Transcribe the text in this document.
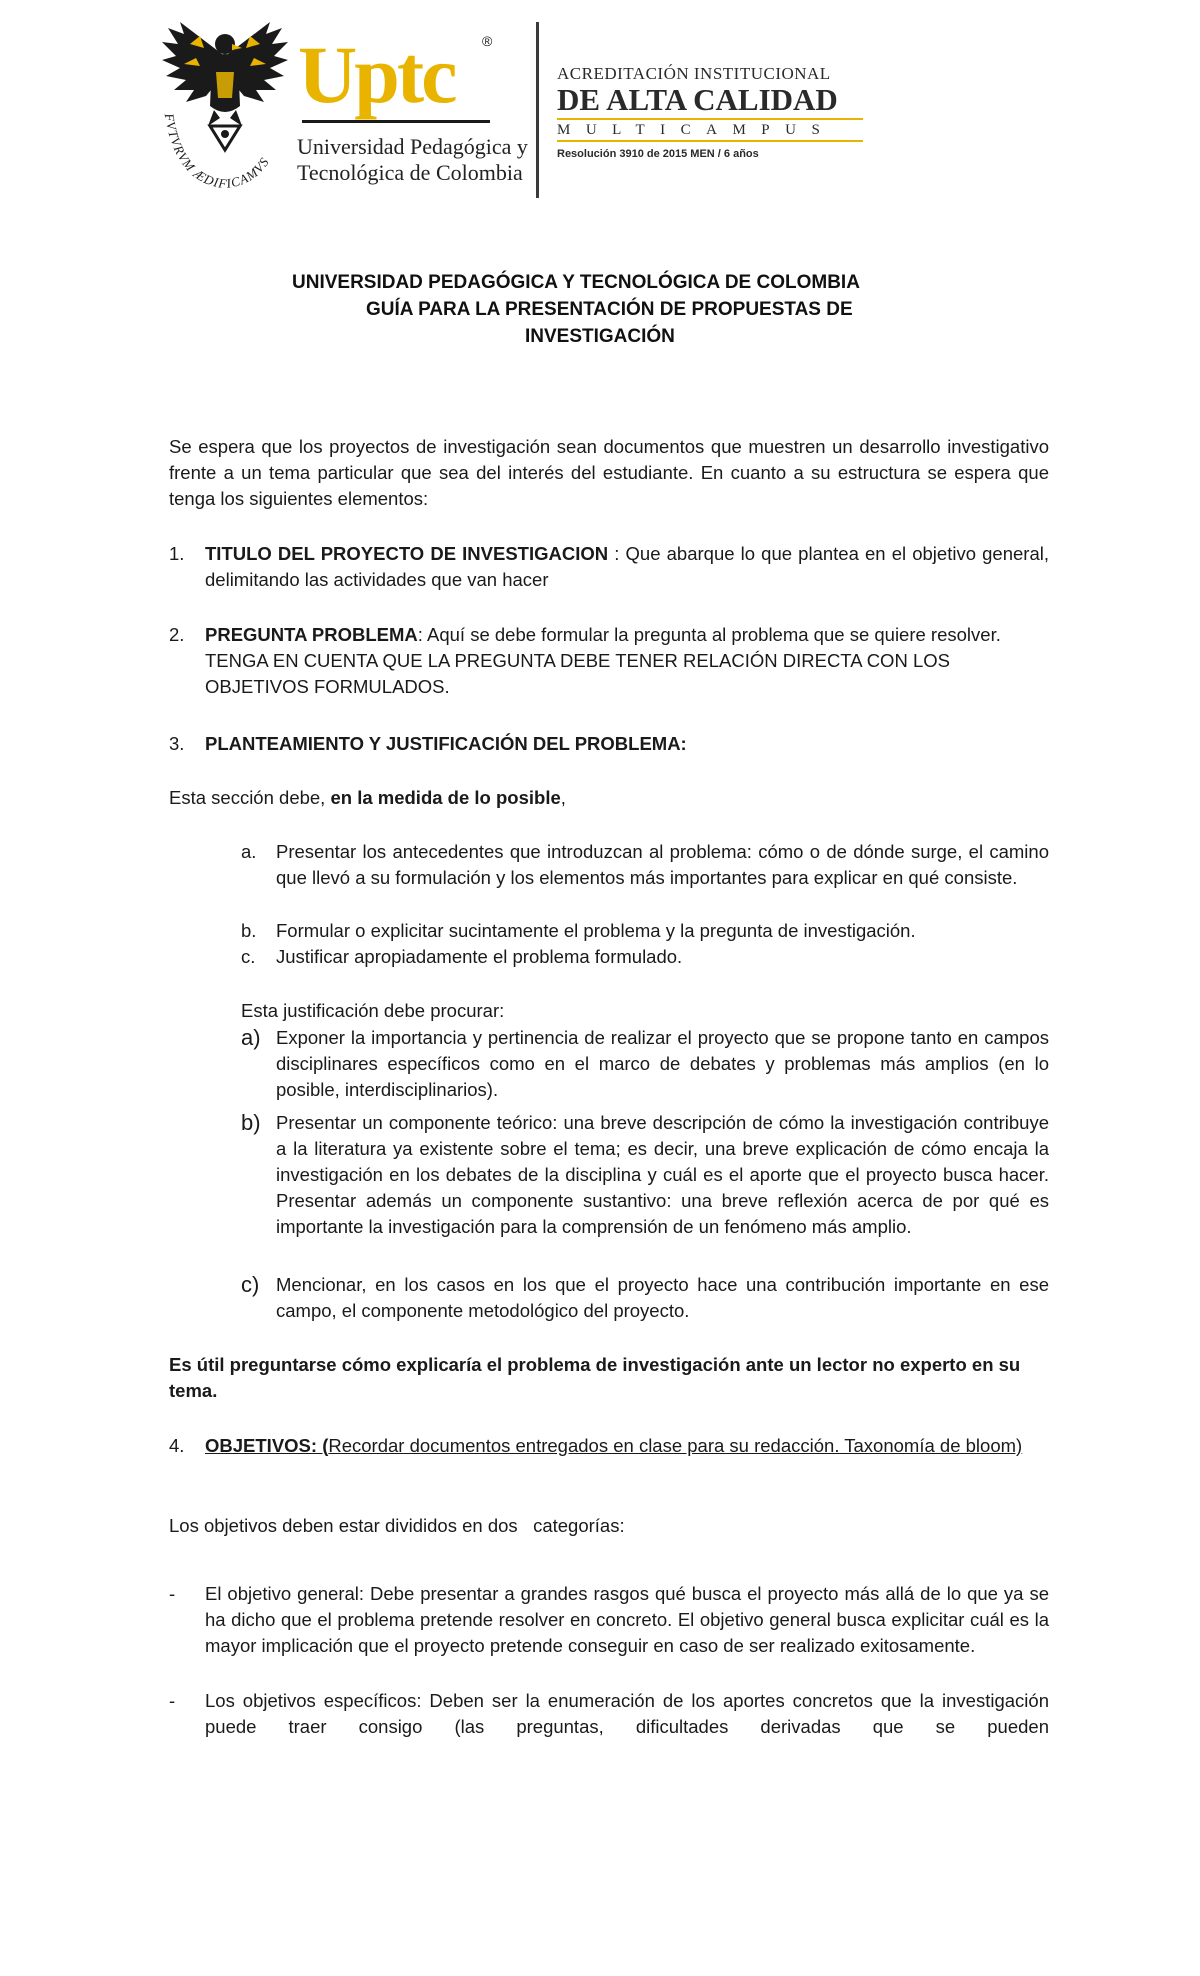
FVTVRVM ÆDIFICAMVS
Uptc ®
Universidad Pedagógica y
Tecnológica de Colombia
ACREDITACIÓN INSTITUCIONAL
DE ALTA CALIDAD
MULTICAMPUS
Resolución 3910 de 2015 MEN / 6 años
UNIVERSIDAD PEDAGÓGICA Y TECNOLÓGICA DE COLOMBIA
GUÍA PARA LA PRESENTACIÓN DE PROPUESTAS DE
INVESTIGACIÓN
Se espera que los proyectos de investigación sean documentos que muestren un desarrollo investigativo frente a un tema particular que sea del interés del estudiante. En cuanto a su estructura se espera que tenga los siguientes elementos:
1. TITULO DEL PROYECTO DE INVESTIGACION : Que abarque lo que plantea en el objetivo general, delimitando las actividades que van hacer
2. PREGUNTA PROBLEMA: Aquí se debe formular la pregunta al problema que se quiere resolver. TENGA EN CUENTA QUE LA PREGUNTA DEBE TENER RELACIÓN DIRECTA CON LOS OBJETIVOS FORMULADOS.
3. PLANTEAMIENTO Y JUSTIFICACIÓN DEL PROBLEMA:
Esta sección debe, en la medida de lo posible,
a. Presentar los antecedentes que introduzcan al problema: cómo o de dónde surge, el camino que llevó a su formulación y los elementos más importantes para explicar en qué consiste.
b. Formular o explicitar sucintamente el problema y la pregunta de investigación.
c. Justificar apropiadamente el problema formulado.
Esta justificación debe procurar:
a) Exponer la importancia y pertinencia de realizar el proyecto que se propone tanto en campos disciplinares específicos como en el marco de debates y problemas más amplios (en lo posible, interdisciplinarios).
b) Presentar un componente teórico: una breve descripción de cómo la investigación contribuye a la literatura ya existente sobre el tema; es decir, una breve explicación de cómo encaja la investigación en los debates de la disciplina y cuál es el aporte que el proyecto busca hacer. Presentar además un componente sustantivo: una breve reflexión acerca de por qué es importante la investigación para la comprensión de un fenómeno más amplio.
c) Mencionar, en los casos en los que el proyecto hace una contribución importante en ese campo, el componente metodológico del proyecto.
Es útil preguntarse cómo explicaría el problema de investigación ante un lector no experto en su tema.
4. OBJETIVOS: (Recordar documentos entregados en clase para su redacción. Taxonomía de bloom)
Los objetivos deben estar divididos en dos   categorías:
- El objetivo general: Debe presentar a grandes rasgos qué busca el proyecto más allá de lo que ya se ha dicho que el problema pretende resolver en concreto. El objetivo general busca explicitar cuál es la mayor implicación que el proyecto pretende conseguir en caso de ser realizado exitosamente.
- Los objetivos específicos: Deben ser la enumeración de los aportes concretos que la investigación puede traer consigo (las preguntas, dificultades derivadas que se pueden
